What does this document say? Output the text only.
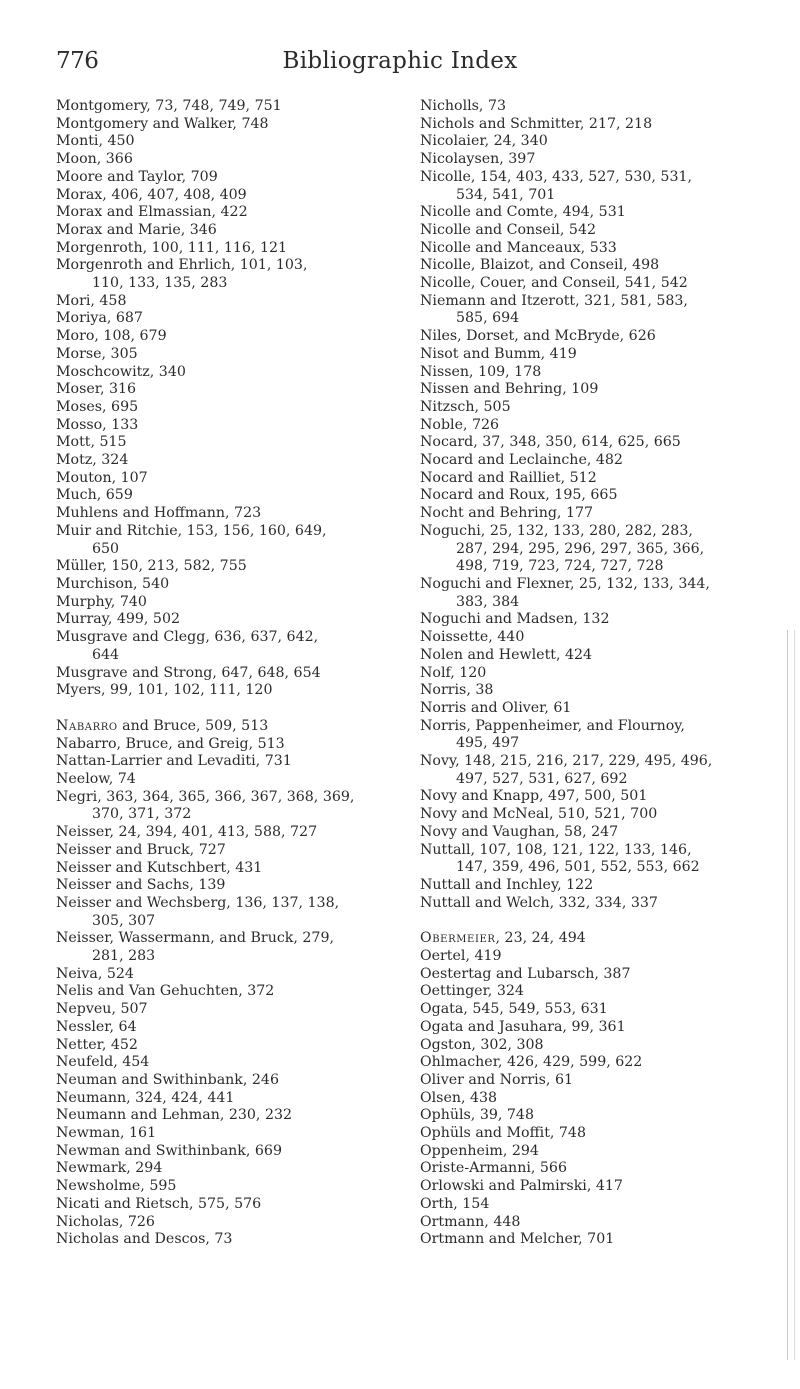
776	Bibliographic Index
Montgomery, 73, 748, 749, 751
Montgomery and Walker, 748
Monti, 450
Moon, 366
Moore and Taylor, 709
Morax, 406, 407, 408, 409
Morax and Elmassian, 422
Morax and Marie, 346
Morgenroth, 100, 111, 116, 121
Morgenroth and Ehrlich, 101, 103,
110, 133, 135, 283
Mori, 458
Moriya, 687
Moro, 108, 679
Morse, 305
Moschcowitz, 340
Moser, 316
Moses, 695
Mosso, 133
Mott, 515
Motz, 324
Mouton, 107
Much, 659
Muhlens and Hoffmann, 723
Muir and Ritchie, 153, 156, 160, 649,
650
Müller, 150, 213, 582, 755
Murchison, 540
Murphy, 740
Murray, 499, 502
Musgrave and Clegg, 636, 637, 642,
644
Musgrave and Strong, 647, 648, 654
Myers, 99, 101, 102, 111, 120
Nabarro and Bruce, 509, 513
Nabarro, Bruce, and Greig, 513
Nattan-Larrier and Levaditi, 731
Neelow, 74
Negri, 363, 364, 365, 366, 367, 368, 369,
370, 371, 372
Neisser, 24, 394, 401, 413, 588, 727
Neisser and Bruck, 727
Neisser and Kutschbert, 431
Neisser and Sachs, 139
Neisser and Wechsberg, 136, 137, 138,
305, 307
Neisser, Wassermann, and Bruck, 279,
281, 283
Neiva, 524
Nelis and Van Gehuchten, 372
Nepveu, 507
Nessler, 64
Netter, 452
Neufeld, 454
Neuman and Swithinbank, 246
Neumann, 324, 424, 441
Neumann and Lehman, 230, 232
Newman, 161
Newman and Swithinbank, 669
Newmark, 294
Newsholme, 595
Nicati and Rietsch, 575, 576
Nicholas, 726
Nicholas and Descos, 73
Nicholls, 73
Nichols and Schmitter, 217, 218
Nicolaier, 24, 340
Nicolaysen, 397
Nicolle, 154, 403, 433, 527, 530, 531,
534, 541, 701
Nicolle and Comte, 494, 531
Nicolle and Conseil, 542
Nicolle and Manceaux, 533
Nicolle, Blaizot, and Conseil, 498
Nicolle, Couer, and Conseil, 541, 542
Niemann and Itzerott, 321, 581, 583,
585, 694
Niles, Dorset, and McBryde, 626
Nisot and Bumm, 419
Nissen, 109, 178
Nissen and Behring, 109
Nitzsch, 505
Noble, 726
Nocard, 37, 348, 350, 614, 625, 665
Nocard and Leclainche, 482
Nocard and Railliet, 512
Nocard and Roux, 195, 665
Nocht and Behring, 177
Noguchi, 25, 132, 133, 280, 282, 283,
287, 294, 295, 296, 297, 365, 366,
498, 719, 723, 724, 727, 728
Noguchi and Flexner, 25, 132, 133, 344,
383, 384
Noguchi and Madsen, 132
Noissette, 440
Nolen and Hewlett, 424
Nolf, 120
Norris, 38
Norris and Oliver, 61
Norris, Pappenheimer, and Flournoy,
495, 497
Novy, 148, 215, 216, 217, 229, 495, 496,
497, 527, 531, 627, 692
Novy and Knapp, 497, 500, 501
Novy and McNeal, 510, 521, 700
Novy and Vaughan, 58, 247
Nuttall, 107, 108, 121, 122, 133, 146,
147, 359, 496, 501, 552, 553, 662
Nuttall and Inchley, 122
Nuttall and Welch, 332, 334, 337
Obermeier, 23, 24, 494
Oertel, 419
Oestertag and Lubarsch, 387
Oettinger, 324
Ogata, 545, 549, 553, 631
Ogata and Jasuhara, 99, 361
Ogston, 302, 308
Ohlmacher, 426, 429, 599, 622
Oliver and Norris, 61
Olsen, 438
Ophüls, 39, 748
Ophüls and Moffit, 748
Oppenheim, 294
Oriste-Armanni, 566
Orlowski and Palmirski, 417
Orth, 154
Ortmann, 448
Ortmann and Melcher, 701
